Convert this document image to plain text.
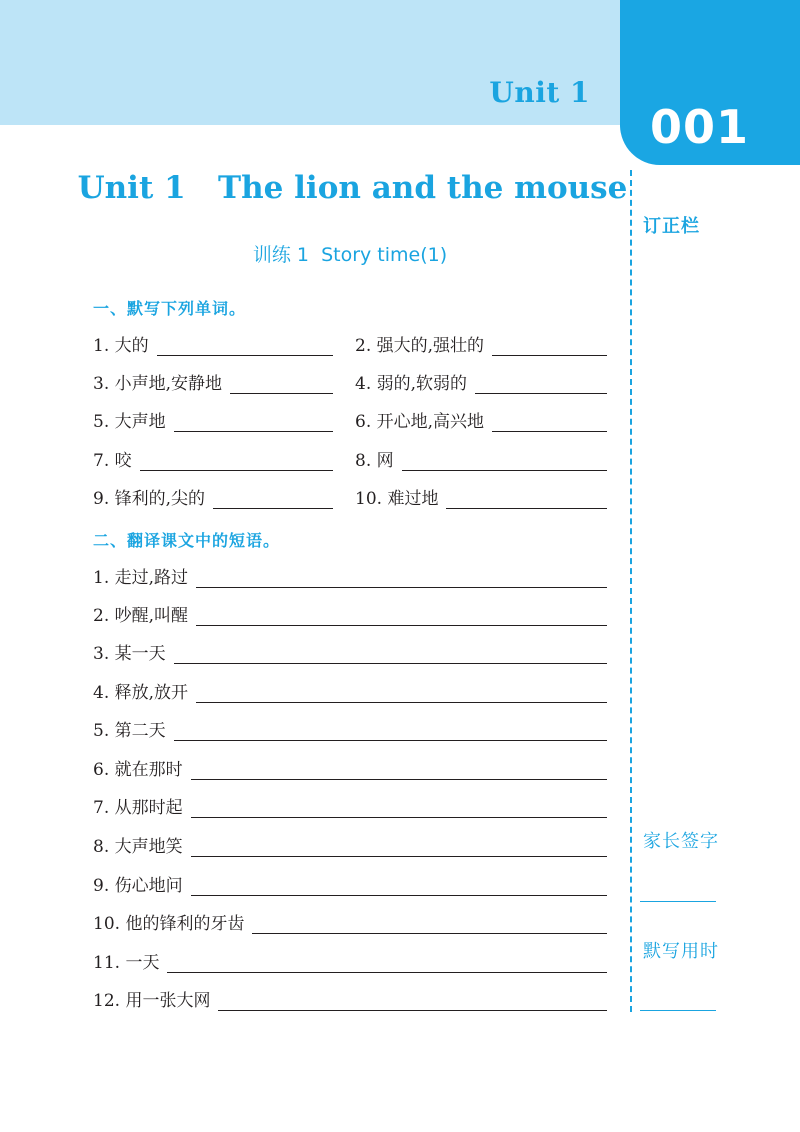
Unit 1
001
Unit 1   The lion and the mouse
训练 1  Story time(1)
一、默写下列单词。
1. 大的	2. 强大的,强壮的
3. 小声地,安静地	4. 弱的,软弱的
5. 大声地	6. 开心地,高兴地
7. 咬	8. 网
9. 锋利的,尖的	10. 难过地
二、翻译课文中的短语。
1. 走过,路过
2. 吵醒,叫醒
3. 某一天
4. 释放,放开
5. 第二天
6. 就在那时
7. 从那时起
8. 大声地笑
9. 伤心地问
10. 他的锋利的牙齿
11. 一天
12. 用一张大网
订正栏
家长签字
默写用时
